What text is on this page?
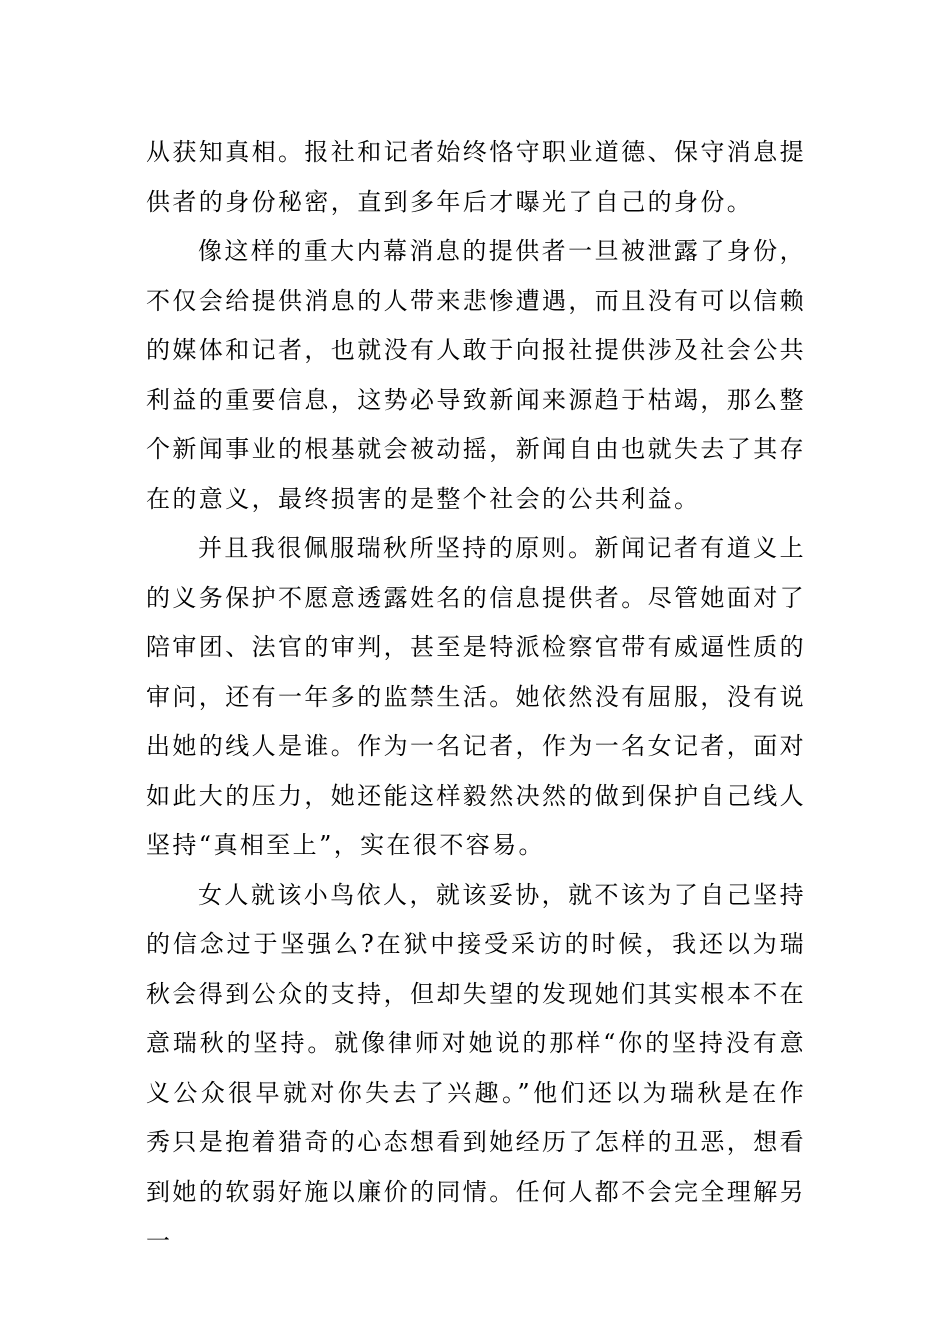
从获知真相。报社和记者始终恪守职业道德、保守消息提供者的身份秘密，直到多年后才曝光了自己的身份。

像这样的重大内幕消息的提供者一旦被泄露了身份，不仅会给提供消息的人带来悲惨遭遇，而且没有可以信赖的媒体和记者，也就没有人敢于向报社提供涉及社会公共利益的重要信息，这势必导致新闻来源趋于枯竭，那么整个新闻事业的根基就会被动摇，新闻自由也就失去了其存在的意义，最终损害的是整个社会的公共利益。

并且我很佩服瑞秋所坚持的原则。新闻记者有道义上的义务保护不愿意透露姓名的信息提供者。尽管她面对了陪审团、法官的审判，甚至是特派检察官带有威逼性质的审问，还有一年多的监禁生活。她依然没有屈服，没有说出她的线人是谁。作为一名记者，作为一名女记者，面对如此大的压力，她还能这样毅然决然的做到保护自己线人坚持“真相至上”，实在很不容易。

女人就该小鸟依人，就该妥协，就不该为了自己坚持的信念过于坚强么?在狱中接受采访的时候，我还以为瑞秋会得到公众的支持，但却失望的发现她们其实根本不在意瑞秋的坚持。就像律师对她说的那样“你的坚持没有意义公众很早就对你失去了兴趣。”他们还以为瑞秋是在作秀只是抱着猎奇的心态想看到她经历了怎样的丑恶，想看到她的软弱好施以廉价的同情。任何人都不会完全理解另一
